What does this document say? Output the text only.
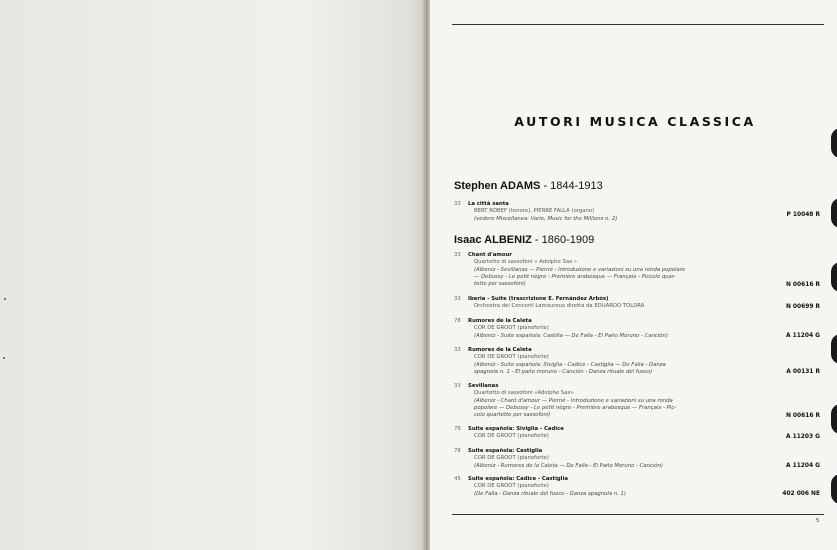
AUTORI MUSICA CLASSICA
Stephen ADAMS - 1844-1913
33 La città santa
BERT ROBEF (tenore), PIERRE FALLA (organo)
(vedere Miscellanea: Varie, Music for the Millions n. 2)
P 10048 R
Isaac ALBENIZ - 1860-1909
33 Chant d'amour
Quartetto di sassofoni « Adolphe Sax »
(Albeniz - Sevillanas — Pierné - Introduzione e variazioni su una ronda popolare
— Debussy - Le petit nègre - Première arabesque — Françaix - Piccolo quar-
tetto per sassofoni)	N 00616 R
33 Iberia - Suite (trascrizione E. Fernández Arbós)
Orchestra dei Concerti Lamoureux diretta da EDUARDO TOLDRA	N 00699 R
78 Rumores de la Caleta
COR DE GROOT (pianoforte)
(Albeniz - Suite española: Castilla — De Falla - El Paño Moruno - Canción)	A 11204 G
33 Rumores de la Caleta
COR DE GROOT (pianoforte)
(Albeniz - Suite española: Siviglia - Cadice - Castiglia — De Falla - Danza
spagnola n. 1 - El paño moruno - Canción - Danza rituale del fuoco)	A 00131 R
33 Sevillanas
Quartetto di sassofoni «Adolphe Sax»
(Albeniz - Chant d'amour — Pierné - Introduzione e variazioni su una ronda
popolare — Debussy - Le petit nègre - Première arabesque — Françaix - Pic-
colo quartetto per sassofoni)	N 00616 R
78 Suite española: Siviglia - Cadice
COR DE GROOT (pianoforte)	A 11203 G
78 Suite española: Castiglia
COR DE GROOT (pianoforte)
(Albeniz - Rumores de la Caleta — De Falla - El Paño Moruno - Canción)	A 11204 G
45 Suite española: Cadice - Castiglia
COR DE GROOT (pianoforte)
(De Falla - Danza rituale del fuoco - Danza spagnola n. 1)	402 006 NE
5
